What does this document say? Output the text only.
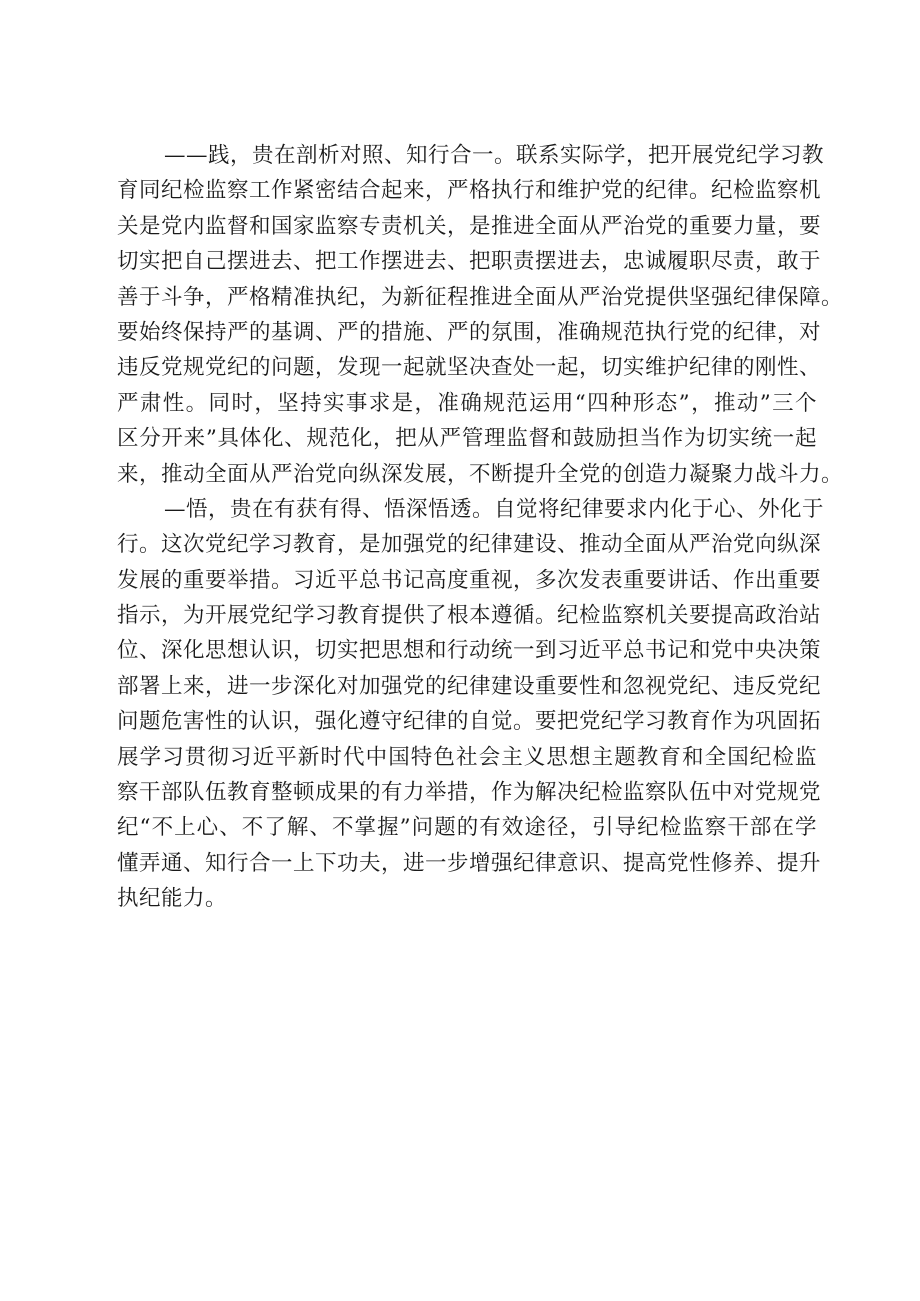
——践，贵在剖析对照、知行合一。联系实际学，把开展党纪学习教
育同纪检监察工作紧密结合起来，严格执行和维护党的纪律。纪检监察机
关是党内监督和国家监察专责机关，是推进全面从严治党的重要力量，要
切实把自己摆进去、把工作摆进去、把职责摆进去，忠诚履职尽责，敢于
善于斗争，严格精准执纪，为新征程推进全面从严治党提供坚强纪律保障。
要始终保持严的基调、严的措施、严的氛围，准确规范执行党的纪律，对
违反党规党纪的问题，发现一起就坚决查处一起，切实维护纪律的刚性、
严肃性。同时，坚持实事求是，准确规范运用“四种形态”，推动”三个
区分开来”具体化、规范化，把从严管理监督和鼓励担当作为切实统一起
来，推动全面从严治党向纵深发展，不断提升全党的创造力凝聚力战斗力。
—悟，贵在有获有得、悟深悟透。自觉将纪律要求内化于心、外化于
行。这次党纪学习教育，是加强党的纪律建设、推动全面从严治党向纵深
发展的重要举措。习近平总书记高度重视，多次发表重要讲话、作出重要
指示，为开展党纪学习教育提供了根本遵循。纪检监察机关要提高政治站
位、深化思想认识，切实把思想和行动统一到习近平总书记和党中央决策
部署上来，进一步深化对加强党的纪律建设重要性和忽视党纪、违反党纪
问题危害性的认识，强化遵守纪律的自觉。要把党纪学习教育作为巩固拓
展学习贯彻习近平新时代中国特色社会主义思想主题教育和全国纪检监
察干部队伍教育整顿成果的有力举措，作为解决纪检监察队伍中对党规党
纪“不上心、不了解、不掌握”问题的有效途径，引导纪检监察干部在学
懂弄通、知行合一上下功夫，进一步增强纪律意识、提高党性修养、提升
执纪能力。
